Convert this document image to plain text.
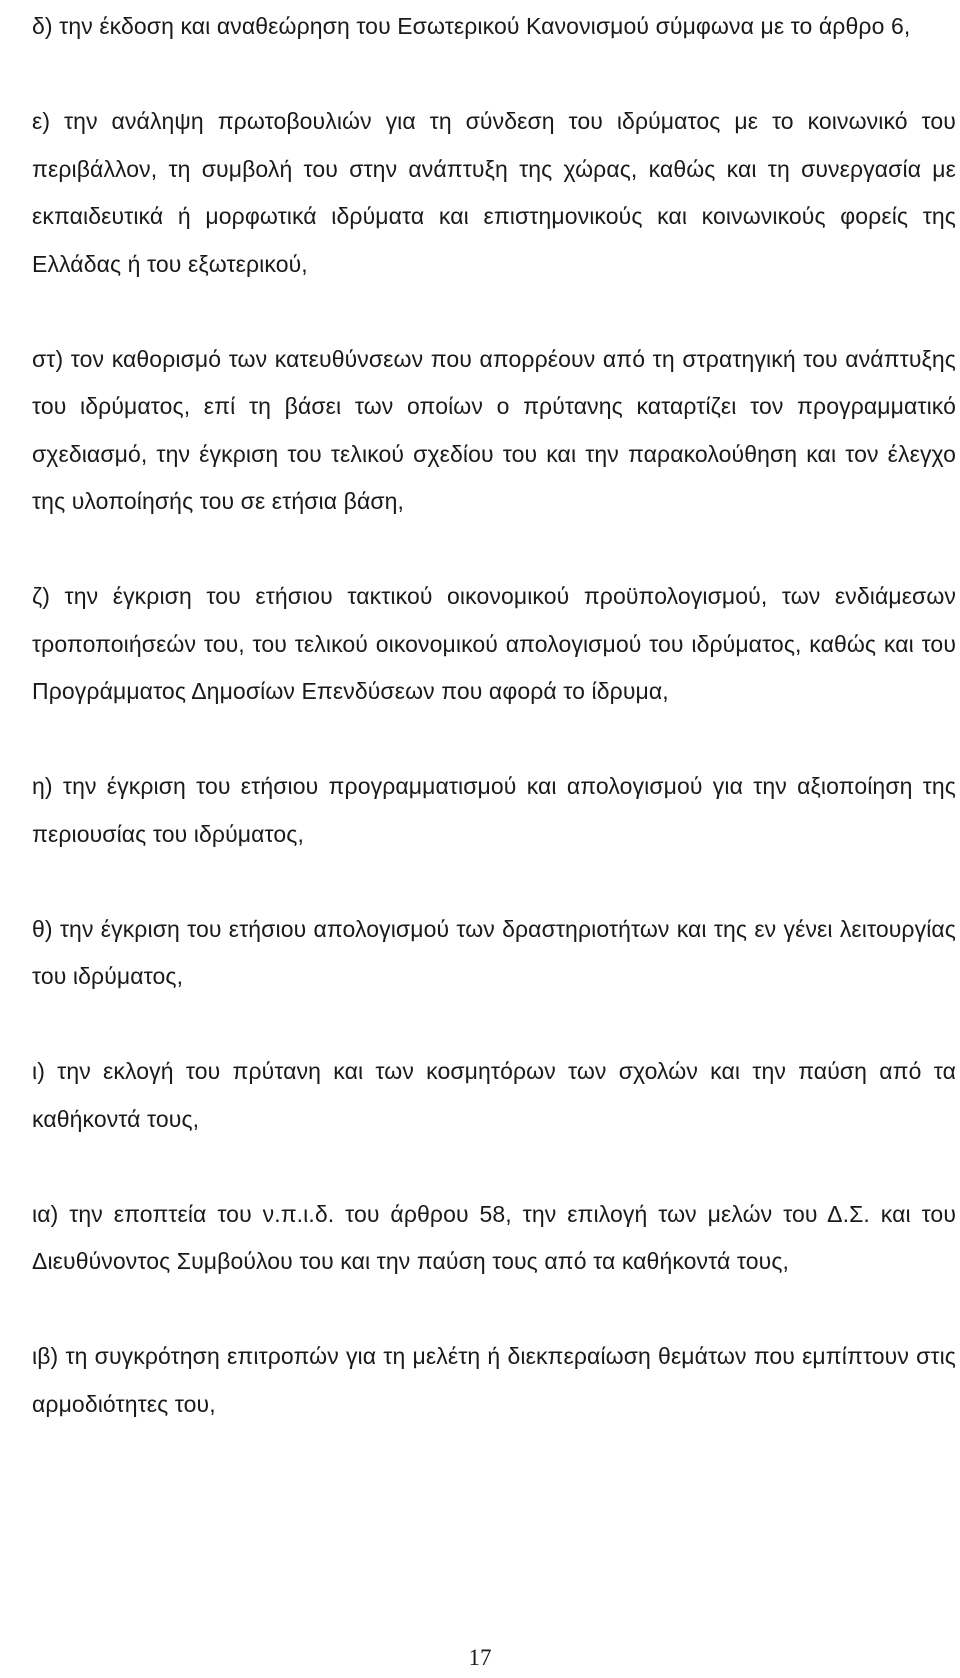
δ) την έκδοση και αναθεώρηση του Εσωτερικού Κανονισμού σύμφωνα με το άρθρο 6,

ε) την ανάληψη πρωτοβουλιών για τη σύνδεση του ιδρύματος με το κοινωνικό του περιβάλλον, τη συμβολή του στην ανάπτυξη της χώρας, καθώς και τη συνεργασία με εκπαιδευτικά ή μορφωτικά ιδρύματα και επιστημονικούς και κοινωνικούς φορείς της Ελλάδας ή του εξωτερικού,

στ) τον καθορισμό των κατευθύνσεων που απορρέουν από τη στρατηγική του ανάπτυξης του ιδρύματος, επί τη βάσει των οποίων ο πρύτανης καταρτίζει τον προγραμματικό σχεδιασμό, την έγκριση του τελικού σχεδίου του και την παρακολούθηση και τον έλεγχο της υλοποίησής του σε ετήσια βάση,

ζ) την έγκριση του ετήσιου τακτικού οικονομικού προϋπολογισμού, των ενδιάμεσων τροποποιήσεών του, του τελικού οικονομικού απολογισμού του ιδρύματος, καθώς και του Προγράμματος Δημοσίων Επενδύσεων που αφορά το ίδρυμα,

η) την έγκριση του ετήσιου προγραμματισμού και απολογισμού για την αξιοποίηση της περιουσίας του ιδρύματος,

θ) την έγκριση του ετήσιου απολογισμού των δραστηριοτήτων και της εν γένει λειτουργίας του ιδρύματος,

ι) την εκλογή του πρύτανη και των κοσμητόρων των σχολών και την παύση από τα καθήκοντά τους,

ια) την εποπτεία του ν.π.ι.δ. του άρθρου 58, την επιλογή των μελών του Δ.Σ. και του Διευθύνοντος Συμβούλου του και την παύση τους από τα καθήκοντά τους,

ιβ) τη συγκρότηση επιτροπών για τη μελέτη ή διεκπεραίωση θεμάτων που εμπίπτουν στις αρμοδιότητες του,

17
